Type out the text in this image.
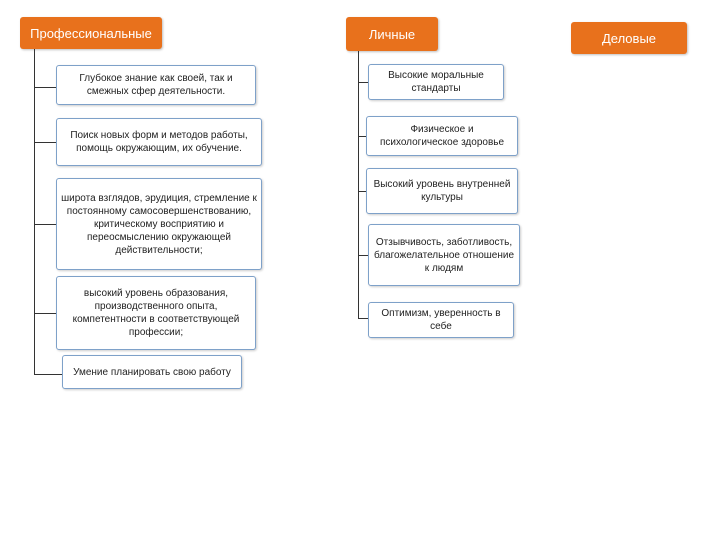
Профессиональные	Личные	Деловые
Глубокое знание как своей, так и смежных сфер деятельности.
Поиск новых форм и методов работы, помощь окружающим, их обучение.
широта взглядов, эрудиция, стремление к постоянному самосовершенствованию, критическому восприятию и переосмыслению окружающей действительности;
высокий уровень образования, производственного опыта, компетентности в соответствующей профессии;
Умение планировать свою работу
Высокие моральные стандарты
Физическое и психологическое здоровье
Высокий уровень внутренней культуры
Отзывчивость, заботливость, благожелательное отношение к людям
Оптимизм, уверенность в себе
